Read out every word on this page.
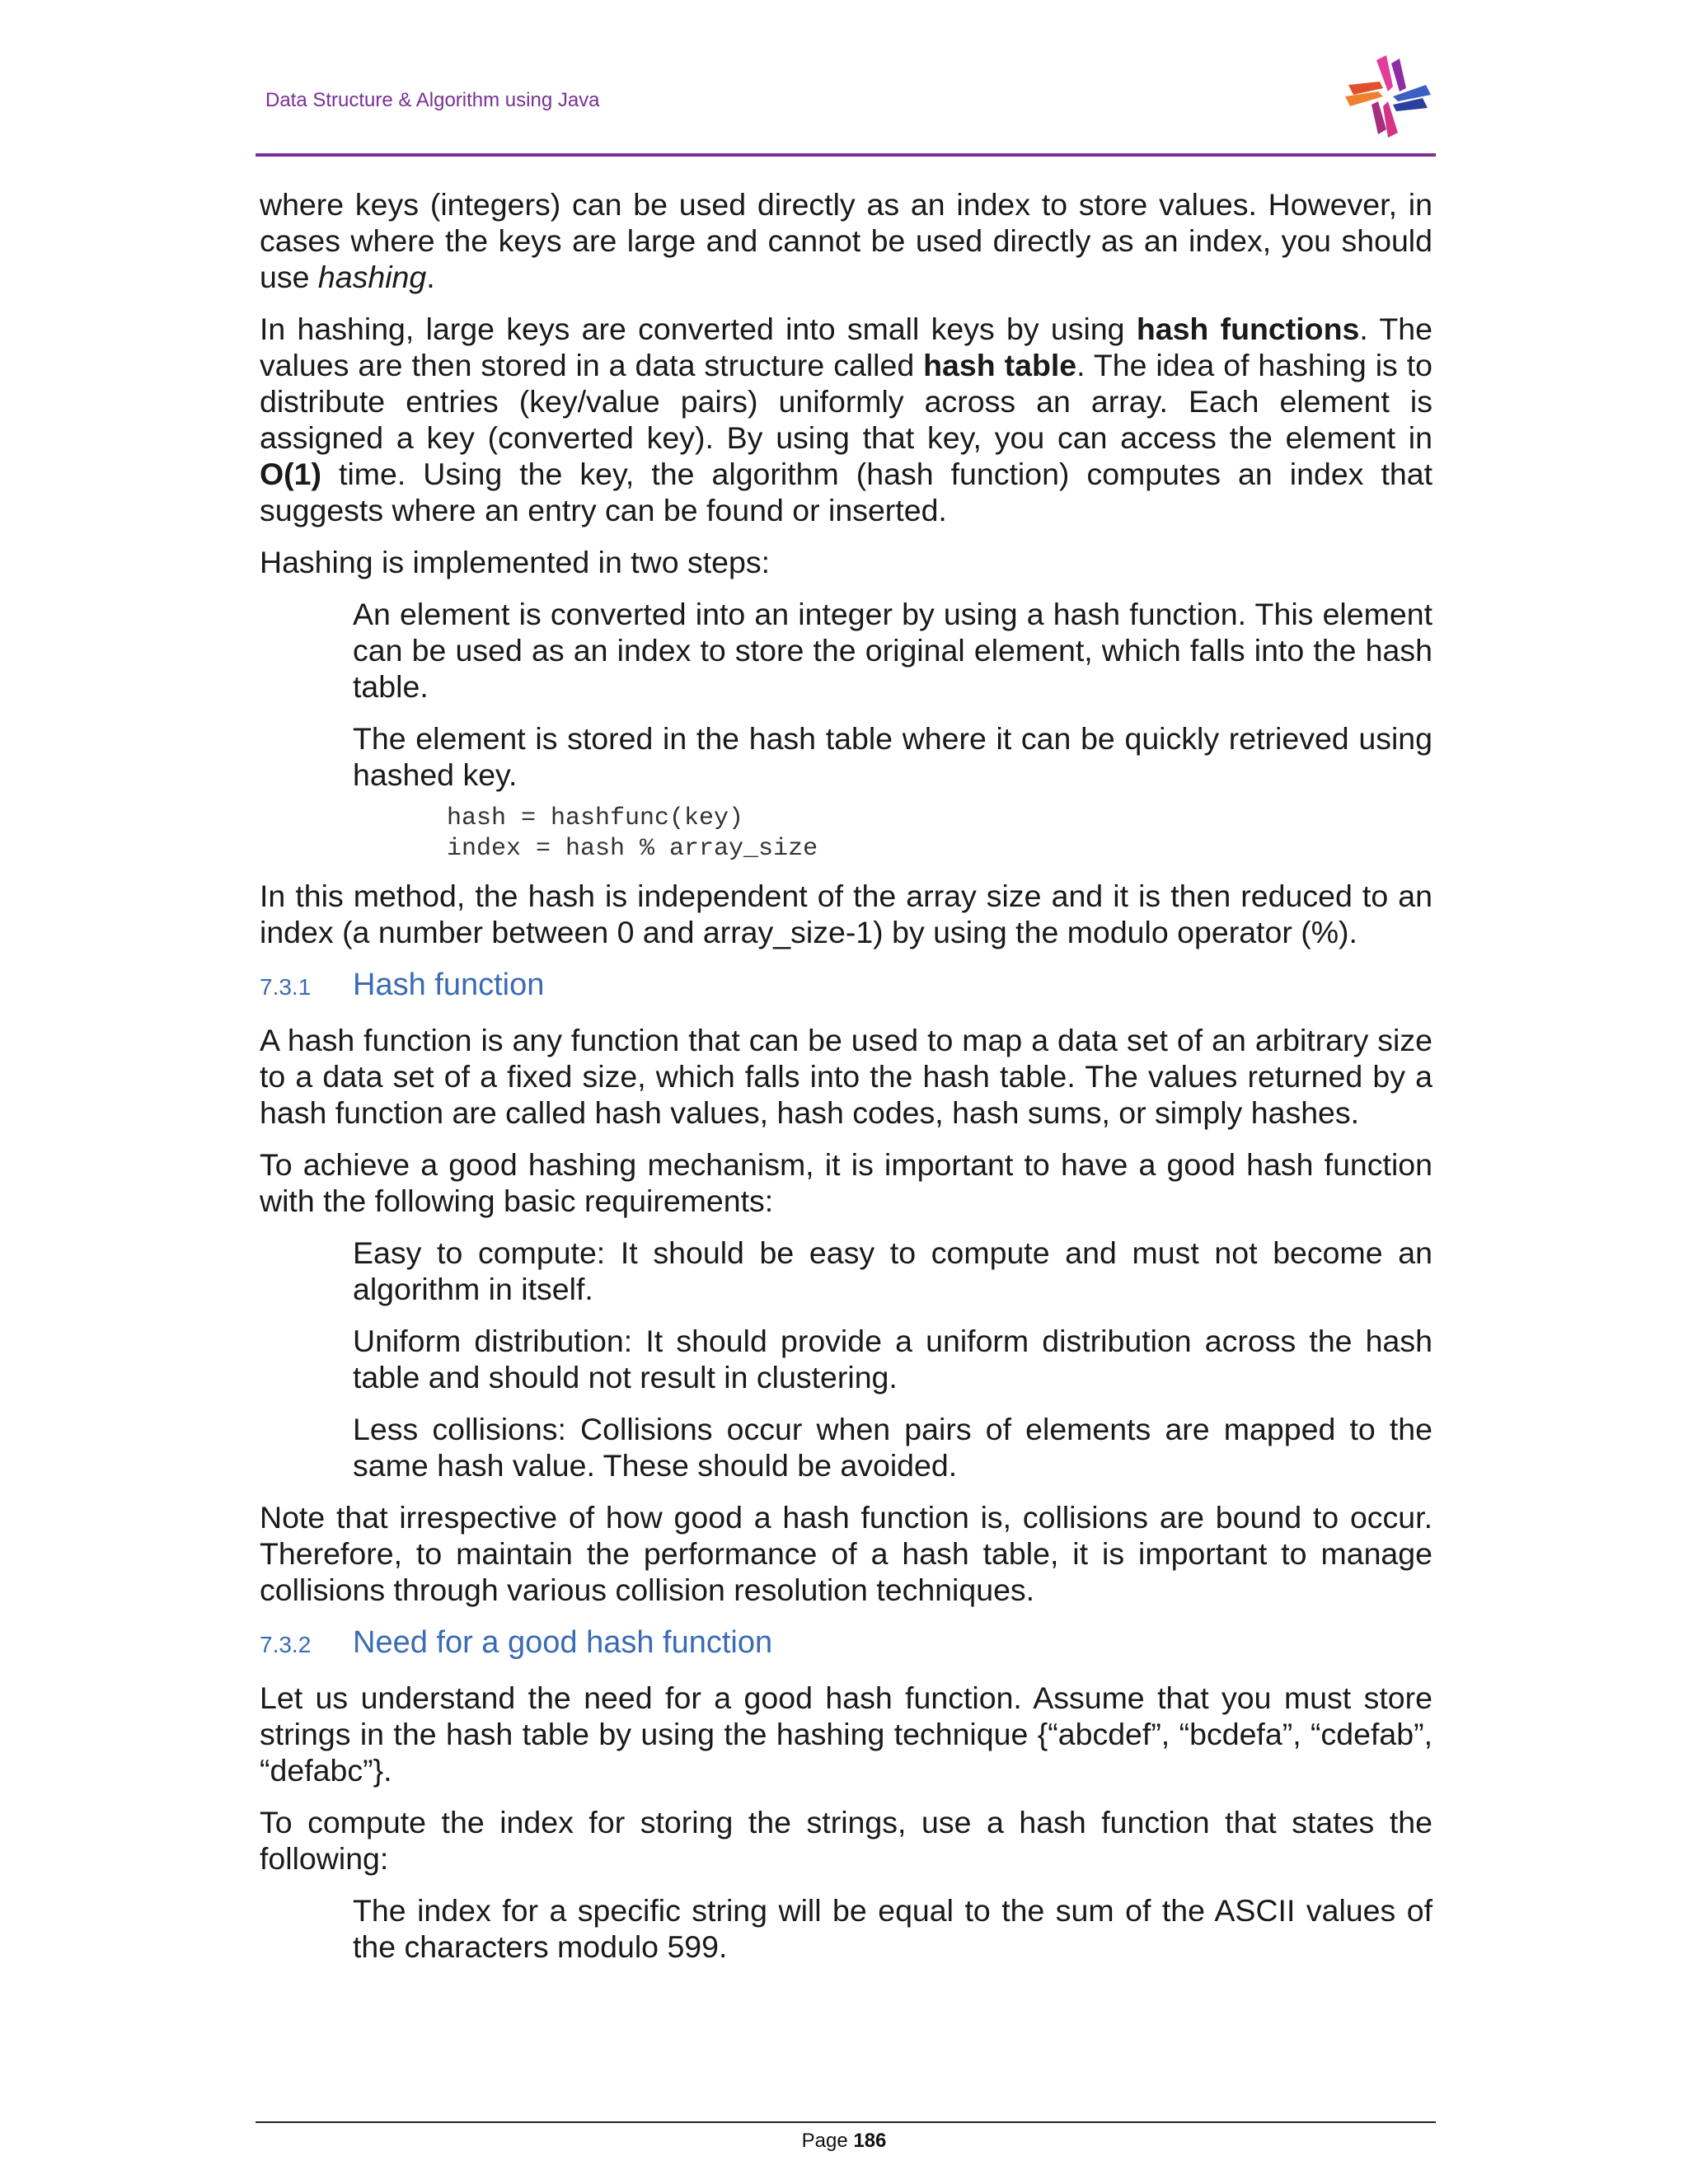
Data Structure & Algorithm using Java

where keys (integers) can be used directly as an index to store values. However, in cases where the keys are large and cannot be used directly as an index, you should use hashing.

In hashing, large keys are converted into small keys by using hash functions. The values are then stored in a data structure called hash table. The idea of hashing is to distribute entries (key/value pairs) uniformly across an array. Each element is assigned a key (converted key). By using that key, you can access the element in O(1) time. Using the key, the algorithm (hash function) computes an index that suggests where an entry can be found or inserted.

Hashing is implemented in two steps:

An element is converted into an integer by using a hash function. This element can be used as an index to store the original element, which falls into the hash table.

The element is stored in the hash table where it can be quickly retrieved using hashed key.

hash = hashfunc(key)
index = hash % array_size

In this method, the hash is independent of the array size and it is then reduced to an index (a number between 0 and array_size-1) by using the modulo operator (%).

7.3.1	Hash function

A hash function is any function that can be used to map a data set of an arbitrary size to a data set of a fixed size, which falls into the hash table. The values returned by a hash function are called hash values, hash codes, hash sums, or simply hashes.

To achieve a good hashing mechanism, it is important to have a good hash function with the following basic requirements:

Easy to compute: It should be easy to compute and must not become an algorithm in itself.

Uniform distribution: It should provide a uniform distribution across the hash table and should not result in clustering.

Less collisions: Collisions occur when pairs of elements are mapped to the same hash value. These should be avoided.

Note that irrespective of how good a hash function is, collisions are bound to occur. Therefore, to maintain the performance of a hash table, it is important to manage collisions through various collision resolution techniques.

7.3.2	Need for a good hash function

Let us understand the need for a good hash function. Assume that you must store strings in the hash table by using the hashing technique {“abcdef”, “bcdefa”, “cdefab”, “defabc”}.

To compute the index for storing the strings, use a hash function that states the following:

The index for a specific string will be equal to the sum of the ASCII values of the characters modulo 599.

Page 186
